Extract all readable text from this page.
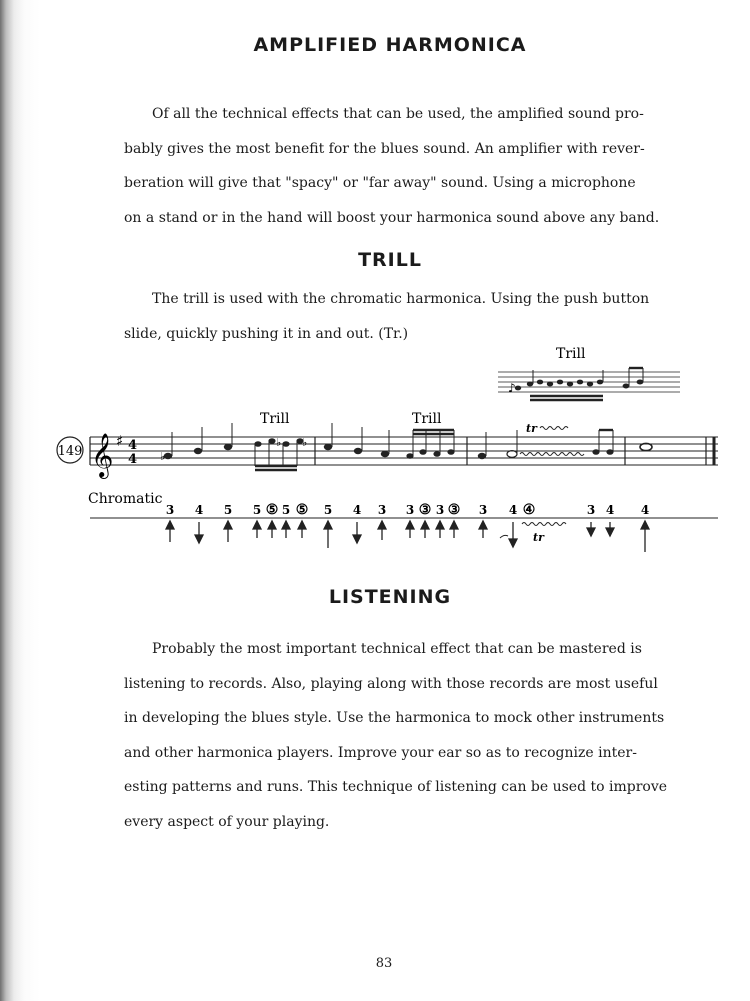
AMPLIFIED HARMONICA
Of all the technical effects that can be used, the amplified sound pro-
bably gives the most benefit for the blues sound. An amplifier with rever-
beration will give that "spacy" or "far away" sound. Using a microphone
on a stand or in the hand will boost your harmonica sound above any band.
TRILL
The trill is used with the chromatic harmonica. Using the push button
slide, quickly pushing it in and out. (Tr.)
Trill
♪
149 𝄞 ♯ 4
4
Trill
♭
♭ ♭
Trill
tr
Chromatic
3 4 5 5 ⑤ 5 ⑤ 5 4 3 3 ③ 3 ③ 3 4 ④	3 4 4
tr
LISTENING
Probably the most important technical effect that can be mastered is
listening to records. Also, playing along with those records are most useful
in developing the blues style. Use the harmonica to mock other instruments
and other harmonica players. Improve your ear so as to recognize inter-
esting patterns and runs. This technique of listening can be used to improve
every aspect of your playing.
83
